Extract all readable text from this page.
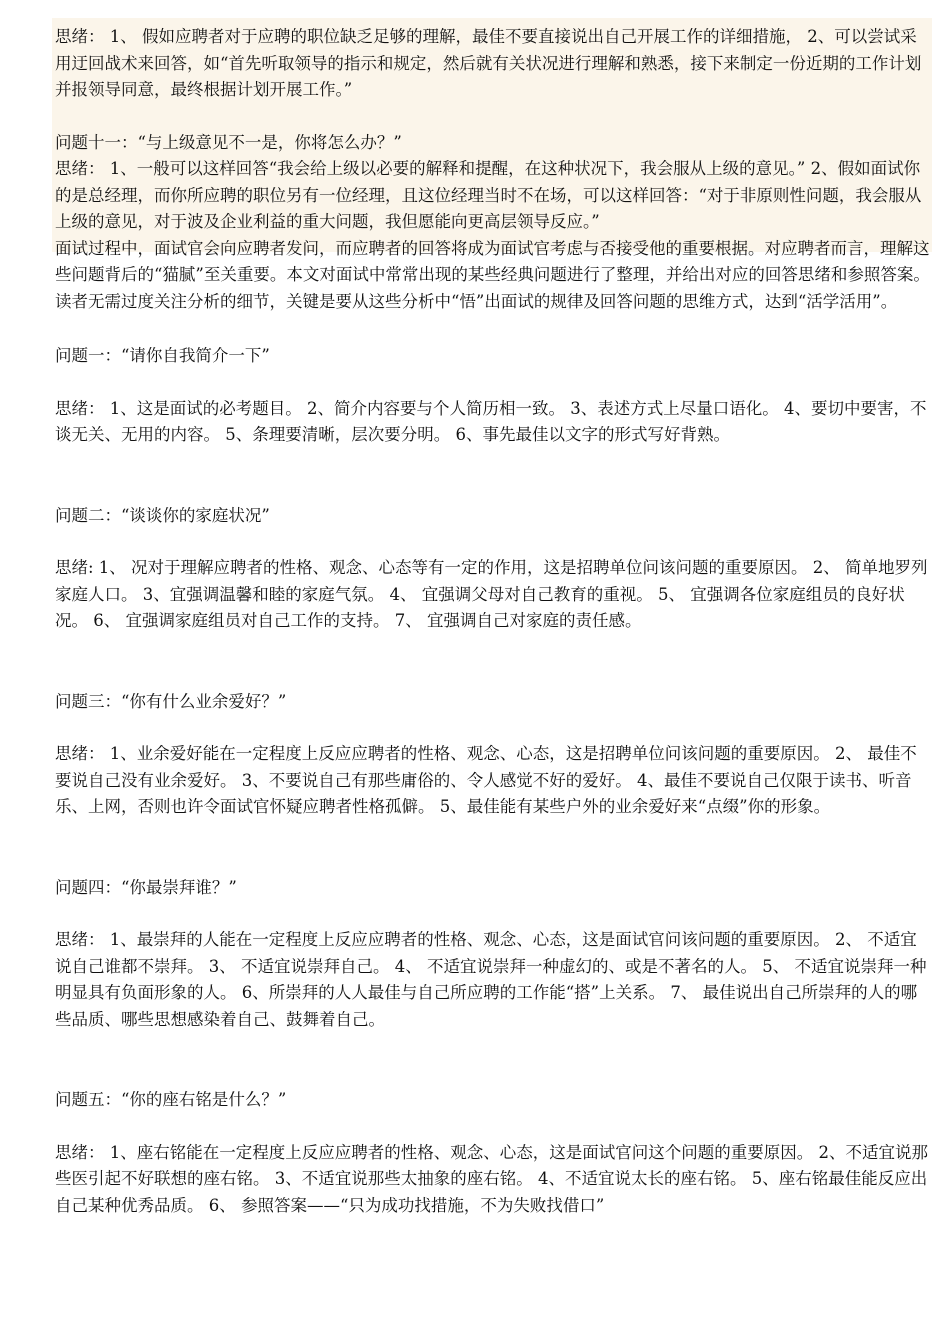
思绪： 1、 假如应聘者对于应聘的职位缺乏足够的理解，最佳不要直接说出自己开展工作的详细措施， 2、可以尝试采用迂回战术来回答，如“首先听取领导的指示和规定，然后就有关状况进行理解和熟悉，接下来制定一份近期的工作计划并报领导同意，最终根据计划开展工作。”

问题十一：“与上级意见不一是，你将怎么办？”

思绪： 1、一般可以这样回答“我会给上级以必要的解释和提醒，在这种状况下，我会服从上级的意见。” 2、假如面试你的是总经理，而你所应聘的职位另有一位经理，且这位经理当时不在场，可以这样回答：“对于非原则性问题，我会服从上级的意见，对于波及企业利益的重大问题，我但愿能向更高层领导反应。”

面试过程中，面试官会向应聘者发问，而应聘者的回答将成为面试官考虑与否接受他的重要根据。对应聘者而言，理解这些问题背后的“猫腻”至关重要。本文对面试中常常出现的某些经典问题进行了整理，并给出对应的回答思绪和参照答案。读者无需过度关注分析的细节，关键是要从这些分析中“悟”出面试的规律及回答问题的思维方式，达到“活学活用”。

问题一：“请你自我简介一下”

思绪： 1、这是面试的必考题目。 2、简介内容要与个人简历相一致。 3、表述方式上尽量口语化。 4、要切中要害，不谈无关、无用的内容。 5、条理要清晰，层次要分明。 6、事先最佳以文字的形式写好背熟。

问题二：“谈谈你的家庭状况”

思绪: 1、 况对于理解应聘者的性格、观念、心态等有一定的作用，这是招聘单位问该问题的重要原因。 2、 简单地罗列家庭人口。 3、宜强调温馨和睦的家庭气氛。 4、 宜强调父母对自己教育的重视。 5、 宜强调各位家庭组员的良好状况。 6、 宜强调家庭组员对自己工作的支持。 7、 宜强调自己对家庭的责任感。

问题三：“你有什么业余爱好？”

思绪： 1、业余爱好能在一定程度上反应应聘者的性格、观念、心态，这是招聘单位问该问题的重要原因。 2、 最佳不要说自己没有业余爱好。 3、不要说自己有那些庸俗的、令人感觉不好的爱好。 4、最佳不要说自己仅限于读书、听音乐、上网，否则也许令面试官怀疑应聘者性格孤僻。 5、最佳能有某些户外的业余爱好来“点缀”你的形象。

问题四：“你最崇拜谁？”

思绪： 1、最崇拜的人能在一定程度上反应应聘者的性格、观念、心态，这是面试官问该问题的重要原因。 2、 不适宜说自己谁都不崇拜。 3、 不适宜说崇拜自己。 4、 不适宜说崇拜一种虚幻的、或是不著名的人。 5、 不适宜说崇拜一种明显具有负面形象的人。 6、所崇拜的人人最佳与自己所应聘的工作能“搭”上关系。 7、 最佳说出自己所崇拜的人的哪些品质、哪些思想感染着自己、鼓舞着自己。

问题五：“你的座右铭是什么？”

思绪： 1、座右铭能在一定程度上反应应聘者的性格、观念、心态，这是面试官问这个问题的重要原因。 2、不适宜说那些医引起不好联想的座右铭。 3、不适宜说那些太抽象的座右铭。 4、不适宜说太长的座右铭。 5、座右铭最佳能反应出自己某种优秀品质。 6、 参照答案——“只为成功找措施，不为失败找借口”
